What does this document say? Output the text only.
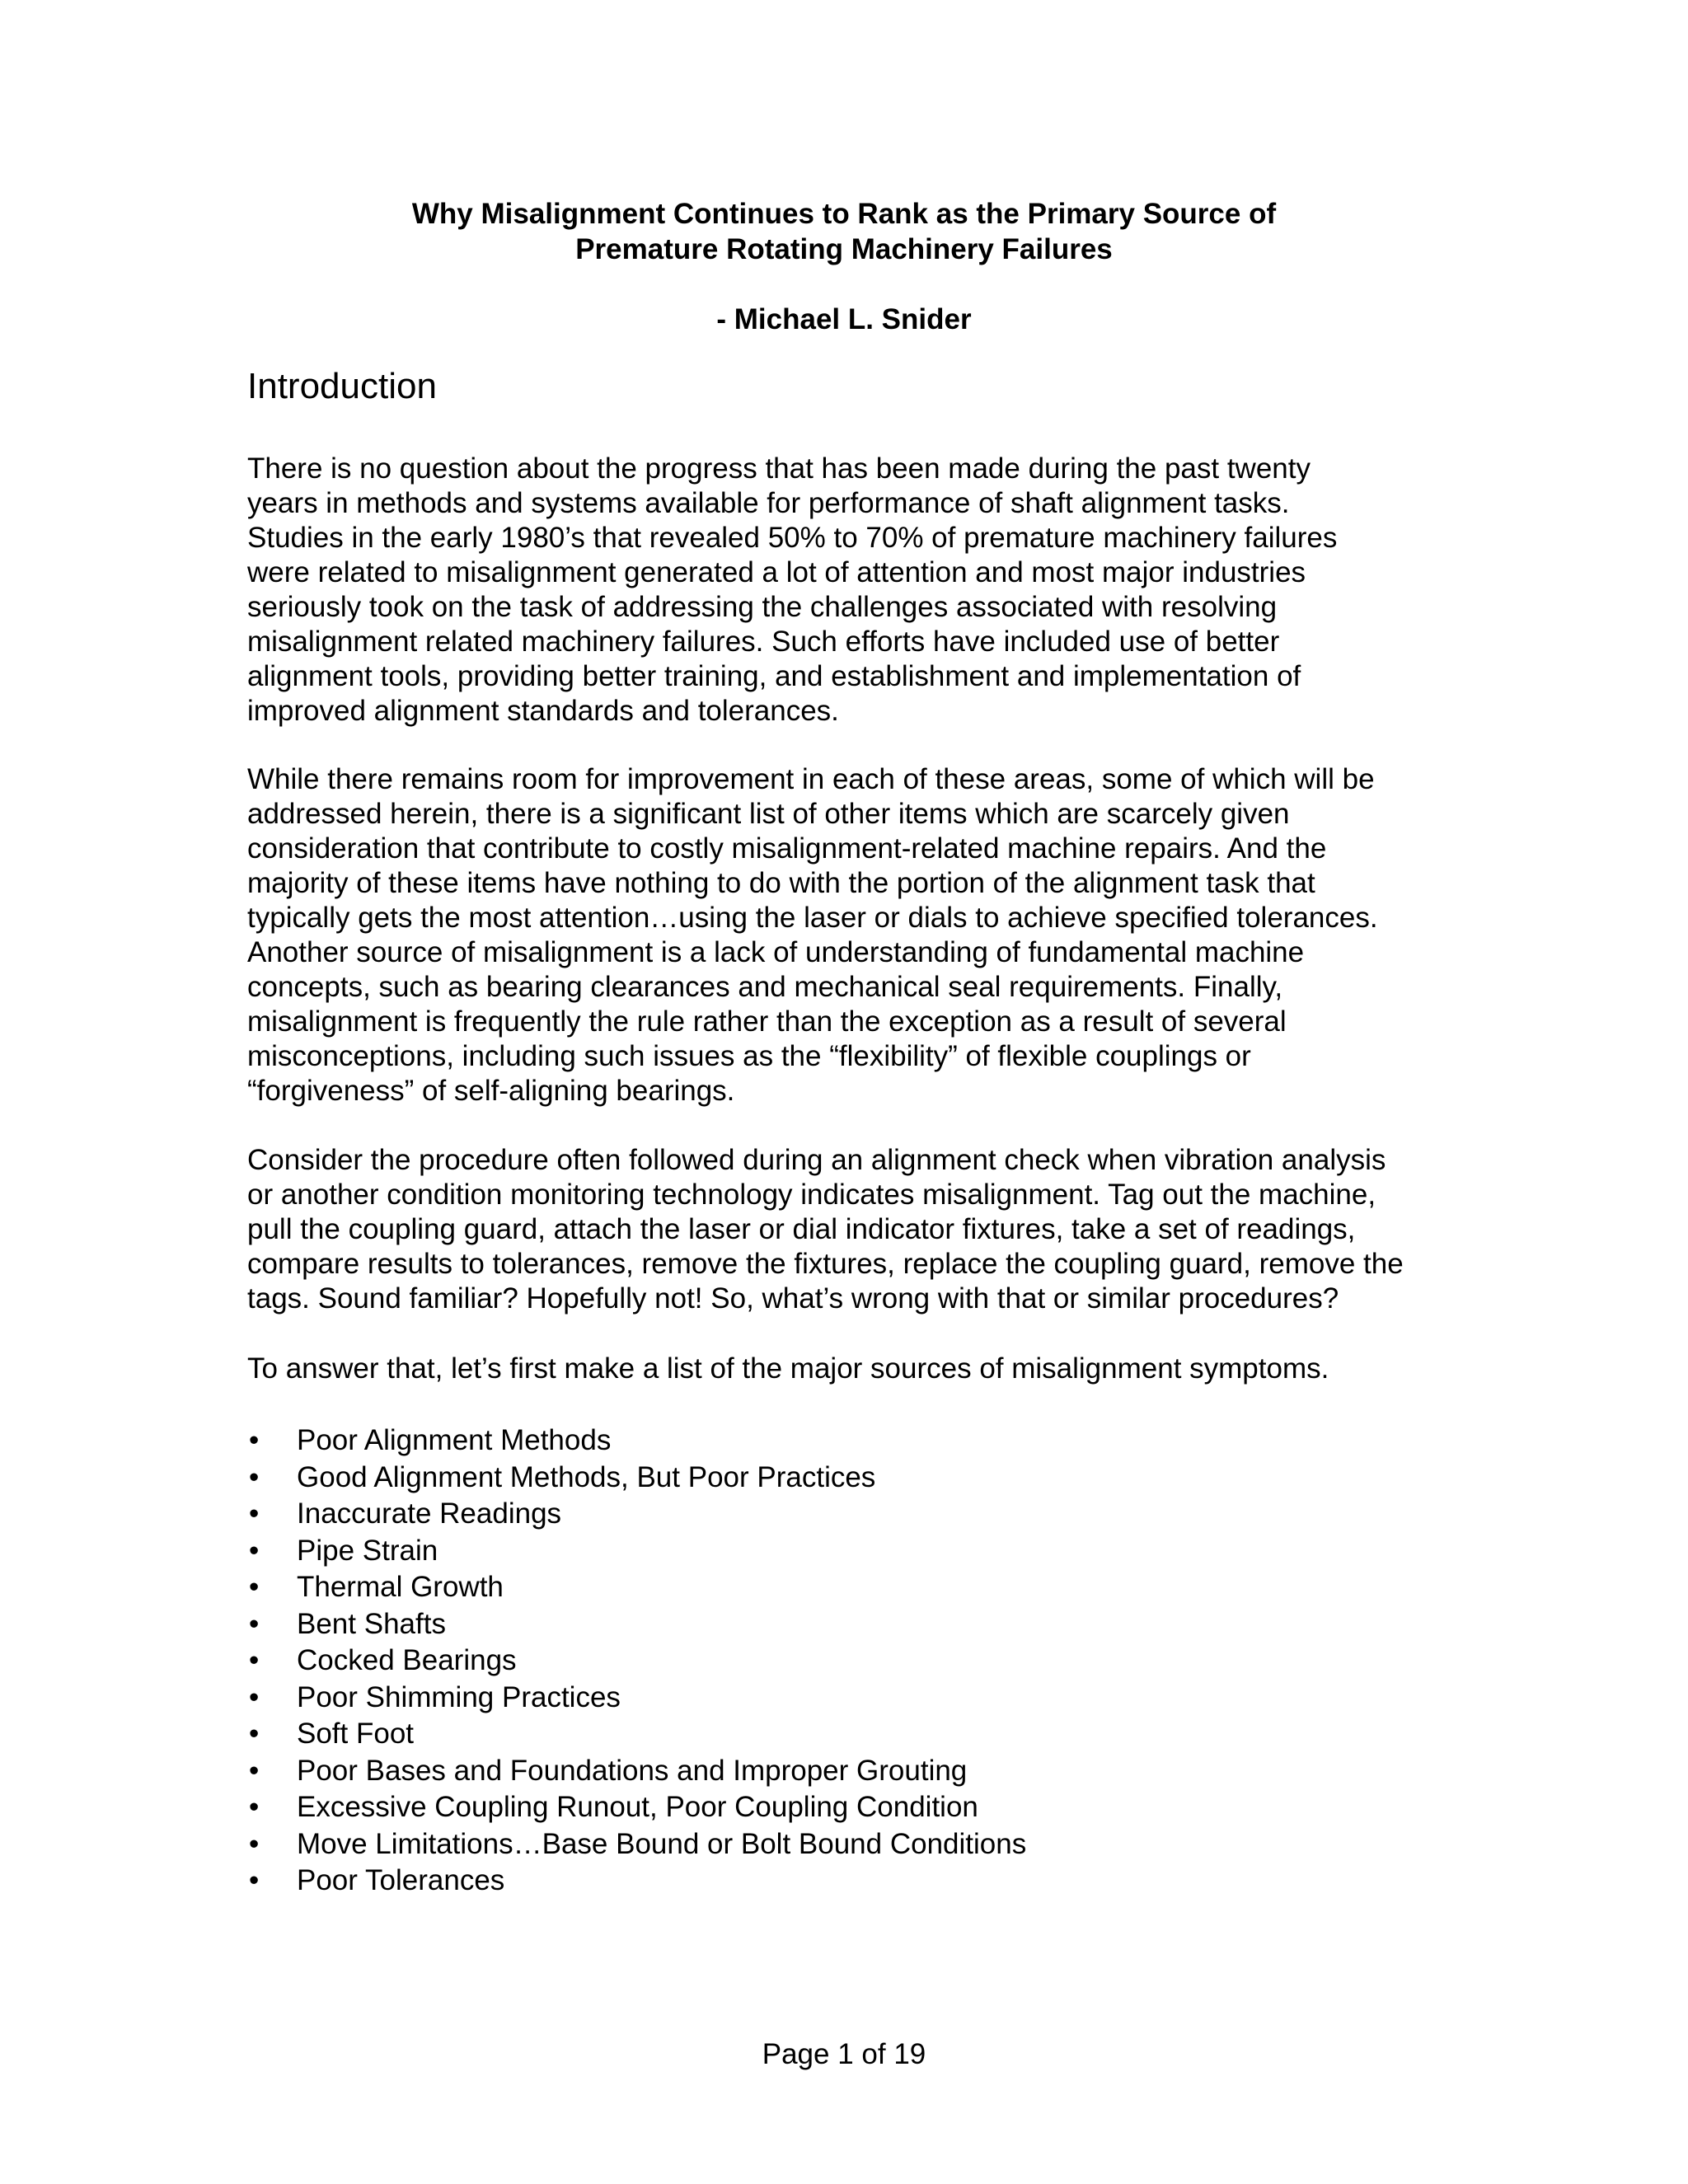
Why Misalignment Continues to Rank as the Primary Source of
Premature Rotating Machinery Failures
- Michael L. Snider
Introduction
There is no question about the progress that has been made during the past twenty
years in methods and systems available for performance of shaft alignment tasks.
Studies in the early 1980’s that revealed 50% to 70% of premature machinery failures
were related to misalignment generated a lot of attention and most major industries
seriously took on the task of addressing the challenges associated with resolving
misalignment related machinery failures. Such efforts have included use of better
alignment tools, providing better training, and establishment and implementation of
improved alignment standards and tolerances.
While there remains room for improvement in each of these areas, some of which will be
addressed herein, there is a significant list of other items which are scarcely given
consideration that contribute to costly misalignment-related machine repairs. And the
majority of these items have nothing to do with the portion of the alignment task that
typically gets the most attention…using the laser or dials to achieve specified tolerances.
Another source of misalignment is a lack of understanding of fundamental machine
concepts, such as bearing clearances and mechanical seal requirements. Finally,
misalignment is frequently the rule rather than the exception as a result of several
misconceptions, including such issues as the “flexibility” of flexible couplings or
“forgiveness” of self-aligning bearings.
Consider the procedure often followed during an alignment check when vibration analysis
or another condition monitoring technology indicates misalignment. Tag out the machine,
pull the coupling guard, attach the laser or dial indicator fixtures, take a set of readings,
compare results to tolerances, remove the fixtures, replace the coupling guard, remove the
tags. Sound familiar? Hopefully not! So, what’s wrong with that or similar procedures?
To answer that, let’s first make a list of the major sources of misalignment symptoms.
•	Poor Alignment Methods
•	Good Alignment Methods, But Poor Practices
•	Inaccurate Readings
•	Pipe Strain
•	Thermal Growth
•	Bent Shafts
•	Cocked Bearings
•	Poor Shimming Practices
•	Soft Foot
•	Poor Bases and Foundations and Improper Grouting
•	Excessive Coupling Runout, Poor Coupling Condition
•	Move Limitations…Base Bound or Bolt Bound Conditions
•	Poor Tolerances
Page 1 of 19
